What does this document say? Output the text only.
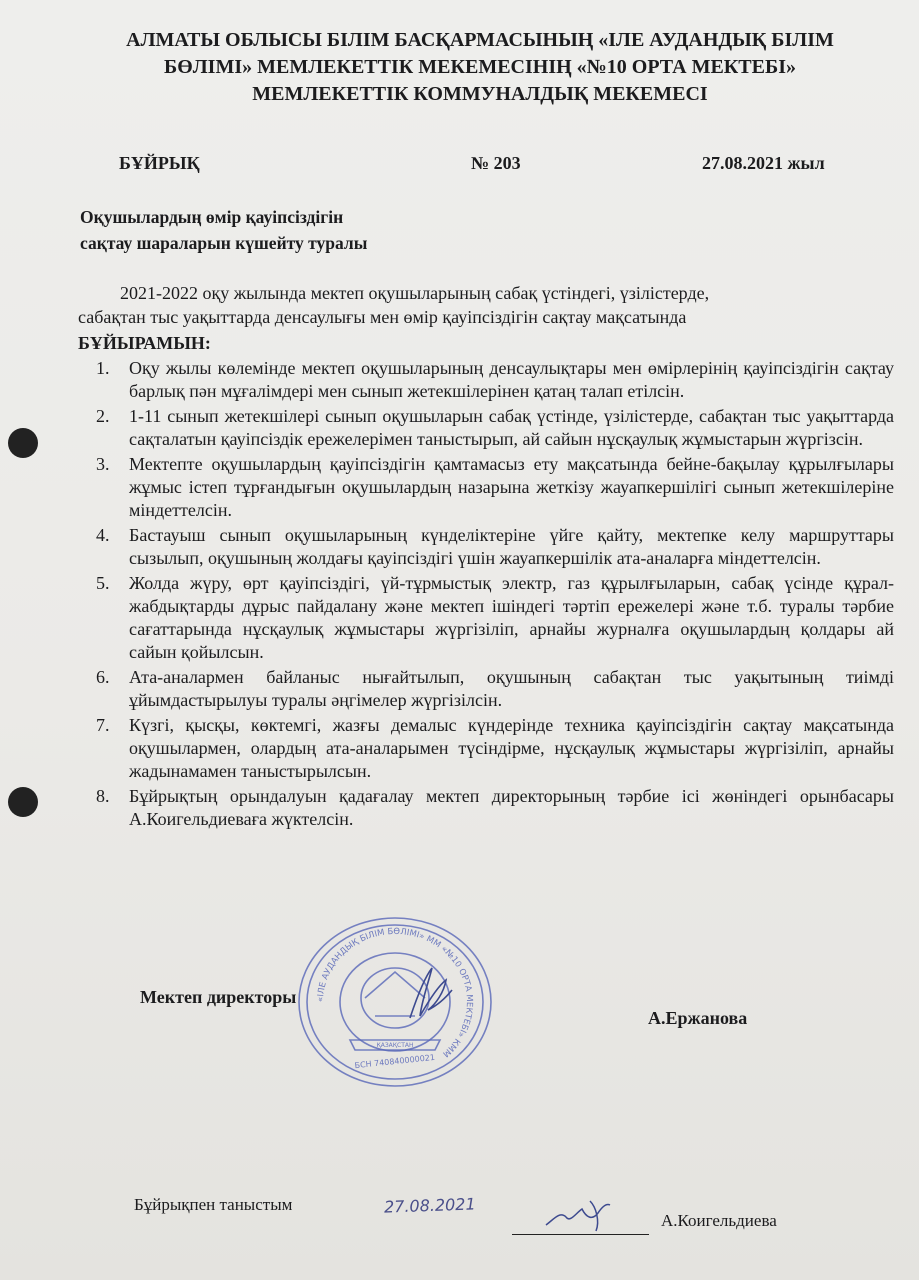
АЛМАТЫ ОБЛЫСЫ БІЛІМ БАСҚАРМАСЫНЫҢ «ІЛЕ АУДАНДЫҚ БІЛІМ
БӨЛІМІ» МЕМЛЕКЕТТІК МЕКЕМЕСІНІҢ «№10 ОРТА МЕКТЕБІ»
МЕМЛЕКЕТТІК КОММУНАЛДЫҚ МЕКЕМЕСІ
БҰЙРЫҚ	№ 203	27.08.2021 жыл
Оқушылардың өмір қауіпсіздігін
сақтау шараларын күшейту туралы
2021-2022 оқу жылында мектеп оқушыларының сабақ үстіндегі, үзілістерде,
сабақтан тыс уақыттарда денсаулығы мен өмір қауіпсіздігін сақтау мақсатында
БҰЙЫРАМЫН:
1. Оқу жылы көлемінде мектеп оқушыларының денсаулықтары мен өмірлерінің қауіпсіздігін сақтау барлық пән мұғалімдері мен сынып жетекшілерінен қатаң талап етілсін.
2. 1-11 сынып жетекшілері сынып оқушыларын сабақ үстінде, үзілістерде, сабақтан тыс уақыттарда сақталатын қауіпсіздік ережелерімен таныстырып, ай сайын нұсқаулық жұмыстарын жүргізсін.
3. Мектепте оқушылардың қауіпсіздігін қамтамасыз ету мақсатында бейне-бақылау құрылғылары жұмыс істеп тұрғандығын оқушылардың назарына жеткізу жауапкершілігі сынып жетекшілеріне міндеттелсін.
4. Бастауыш сынып оқушыларының күнделіктеріне үйге қайту, мектепке келу маршруттары сызылып, оқушының жолдағы қауіпсіздігі үшін жауапкершілік ата-аналарға міндеттелсін.
5. Жолда жүру, өрт қауіпсіздігі, үй-тұрмыстық электр, газ құрылғыларын, сабақ үсінде құрал-жабдықтарды дұрыс пайдалану және мектеп ішіндегі тәртіп ережелері және т.б. туралы тәрбие сағаттарында нұсқаулық жұмыстары жүргізіліп, арнайы журналға оқушылардың қолдары ай сайын қойылсын.
6. Ата-аналармен байланыс нығайтылып, оқушының сабақтан тыс уақытының тиімді ұйымдастырылуы туралы әңгімелер жүргізілсін.
7. Күзгі, қысқы, көктемгі, жазғы демалыс күндерінде техника қауіпсіздігін сақтау мақсатында оқушылармен, олардың ата-аналарымен түсіндірме, нұсқаулық жұмыстары жүргізіліп, арнайы жадынамамен таныстырылсын.
8. Бұйрықтың орындалуын қадағалау мектеп директорының тәрбие ісі жөніндегі орынбасары А.Коигельдиеваға жүктелсін.
«ІЛЕ АУДАНДЫҚ БІЛІМ БӨЛІМІ» ММ «№10 ОРТА МЕКТЕБІ» КММ
ҚАЗАҚСТАН
БСН 740840000021
Мектеп директоры
А.Ержанова
Бұйрықпен таныстым	27.08.2021
А.Коигельдиева
